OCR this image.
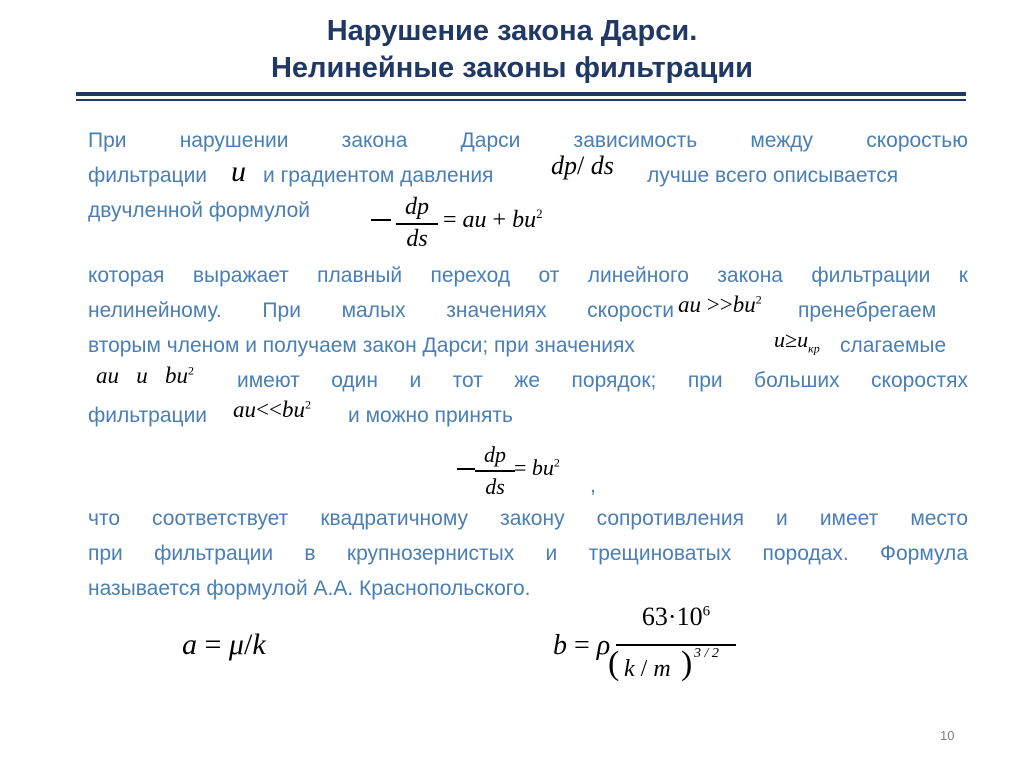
Нарушение закона Дарси.
Нелинейные законы фильтрации
При нарушении закона Дарси зависимость между скоростью
фильтрации u и градиентом давления dp/ ds лучше всего описывается
двучленной формулой	dp
ds
= au + $bu^2$
которая выражает плавный переход от линейного закона фильтрации к
нелинейному. При малых значениях скорости au $>>bu^2$ пренебрегаем
вторым членом и получаем закон Дарси; при значениях	$u\ge u_{кр}$ слагаемые
au u $bu^2$ имеют один и тот же порядок; при больших скоростях
фильтрации $au<<bu^2$ и можно принять
dp
ds
= $bu^2$
,
что соответствует квадратичному закону сопротивления и имеет место
при фильтрации в крупнозернистых и трещиноватых породах. Формула
называется формулой А.А. Краснопольского.
a = μ/k	b = ρ
$63\cdot 10^6$
( k / m ) 3 / 2
10
